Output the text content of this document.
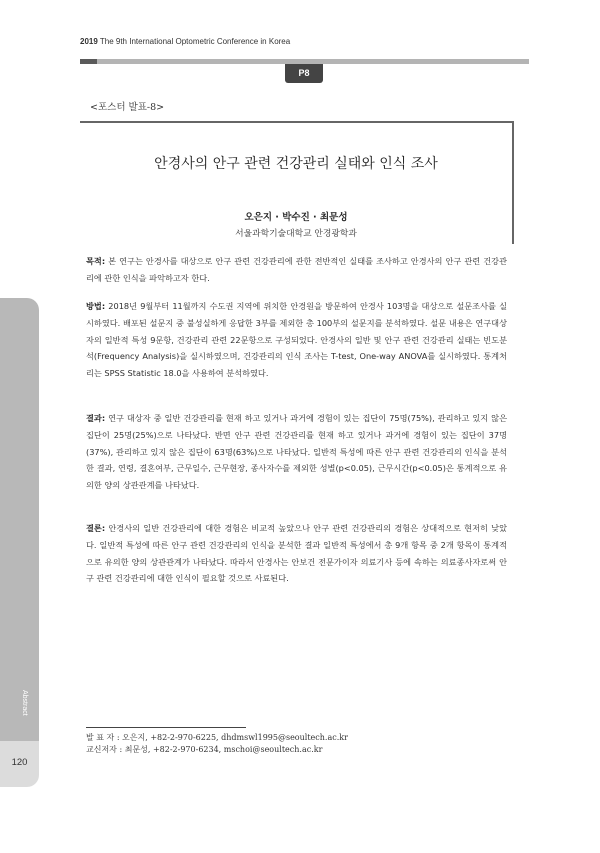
2019 The 9th International Optometric Conference in Korea
P8
<포스터 발표-8>
안경사의 안구 관련 건강관리 실태와 인식 조사
오은지 · 박수진 · 최문성
서울과학기술대학교 안경광학과
목적: 본 연구는 안경사를 대상으로 안구 관련 건강관리에 관한 전반적인 실태를 조사하고 안경사의 안구 관련 건강관리에 관한 인식을 파악하고자 한다.
방법: 2018년 9월부터 11월까지 수도권 지역에 위치한 안경원을 방문하여 안경사 103명을 대상으로 설문조사를 실시하였다. 배포된 설문지 중 불성실하게 응답한 3부를 제외한 총 100부의 설문지를 분석하였다. 설문 내용은 연구대상자의 일반적 특성 9문항, 건강관리 관련 22문항으로 구성되었다. 안경사의 일반 및 안구 관련 건강관리 실태는 빈도분석(Frequency Analysis)을 실시하였으며, 건강관리의 인식 조사는 T-test, One-way ANOVA를 실시하였다. 통계처리는 SPSS Statistic 18.0을 사용하여 분석하였다.
결과: 연구 대상자 중 일반 건강관리를 현재 하고 있거나 과거에 경험이 있는 집단이 75명(75%), 관리하고 있지 않은 집단이 25명(25%)으로 나타났다. 반면 안구 관련 건강관리를 현재 하고 있거나 과거에 경험이 있는 집단이 37명(37%), 관리하고 있지 않은 집단이 63명(63%)으로 나타났다. 일반적 특성에 따른 안구 관련 건강관리의 인식을 분석한 결과, 연령, 결혼여부, 근무일수, 근무현장, 종사자수를 제외한 성별(p<0.05), 근무시간(p<0.05)은 통계적으로 유의한 양의 상관관계를 나타났다.
결론: 안경사의 일반 건강관리에 대한 경험은 비교적 높았으나 안구 관련 건강관리의 경험은 상대적으로 현저히 낮았다. 일반적 특성에 따른 안구 관련 건강관리의 인식을 분석한 결과 일반적 특성에서 총 9개 항목 중 2개 항목이 통계적으로 유의한 양의 상관관계가 나타났다. 따라서 안경사는 안보건 전문가이자 의료기사 등에 속하는 의료종사자로써 안구 관련 건강관리에 대한 인식이 필요할 것으로 사료된다.
Abstract
120
발 표 자 : 오은지, +82-2-970-6225, dhdmswl1995@seoultech.ac.kr
교신저자 : 최문성, +82-2-970-6234, mschoi@seoultech.ac.kr
